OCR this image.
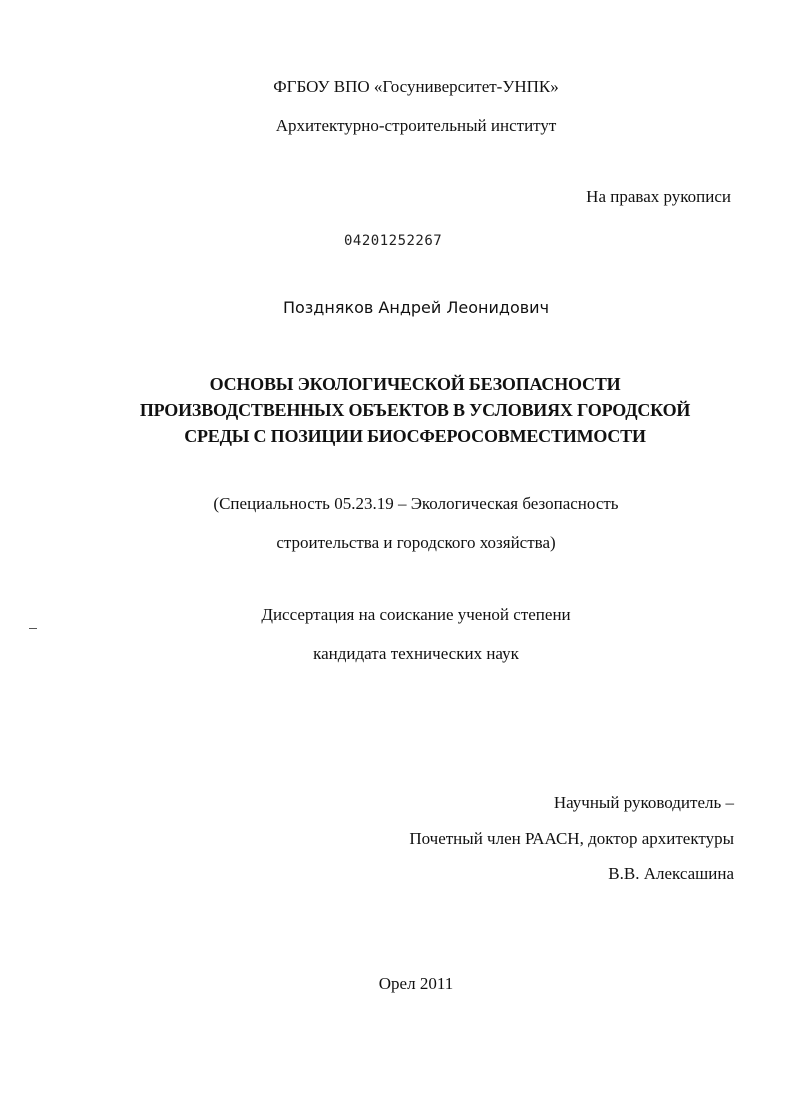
ФГБОУ ВПО «Госуниверситет-УНПК»
Архитектурно-строительный институт
На правах рукописи
04201252267
Поздняков Андрей Леонидович
ОСНОВЫ ЭКОЛОГИЧЕСКОЙ БЕЗОПАСНОСТИ
ПРОИЗВОДСТВЕННЫХ ОБЪЕКТОВ В УСЛОВИЯХ ГОРОДСКОЙ
СРЕДЫ С ПОЗИЦИИ БИОСФЕРОСОВМЕСТИМОСТИ
(Специальность 05.23.19 – Экологическая безопасность
строительства и городского хозяйства)
Диссертация на соискание ученой степени
кандидата технических наук
Научный руководитель –
Почетный член РААСН, доктор архитектуры
В.В. Алексашина
Орел 2011
